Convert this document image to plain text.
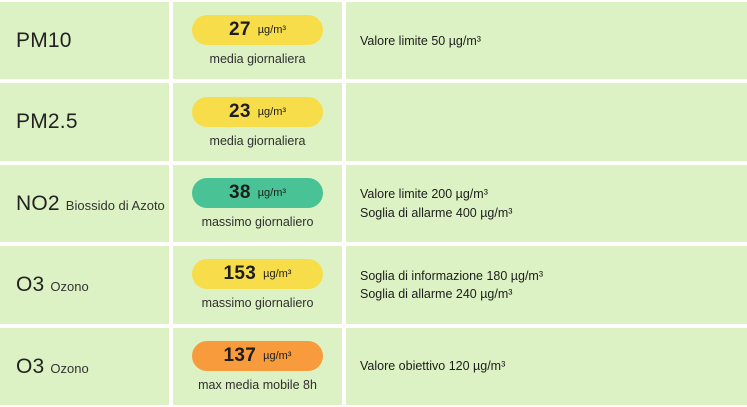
PM10	27 µg/m³
media giornaliera
Valore limite 50 µg/m³
PM2.5	23 µg/m³
media giornaliera
NO2 Biossido di Azoto
38 µg/m³
massimo giornaliero
Valore limite 200 µg/m³
Soglia di allarme 400 µg/m³
O3 Ozono
153 µg/m³
massimo giornaliero
Soglia di informazione 180 µg/m³
Soglia di allarme 240 µg/m³
O3 Ozono
137 µg/m³
max media mobile 8h
Valore obiettivo 120 µg/m³
